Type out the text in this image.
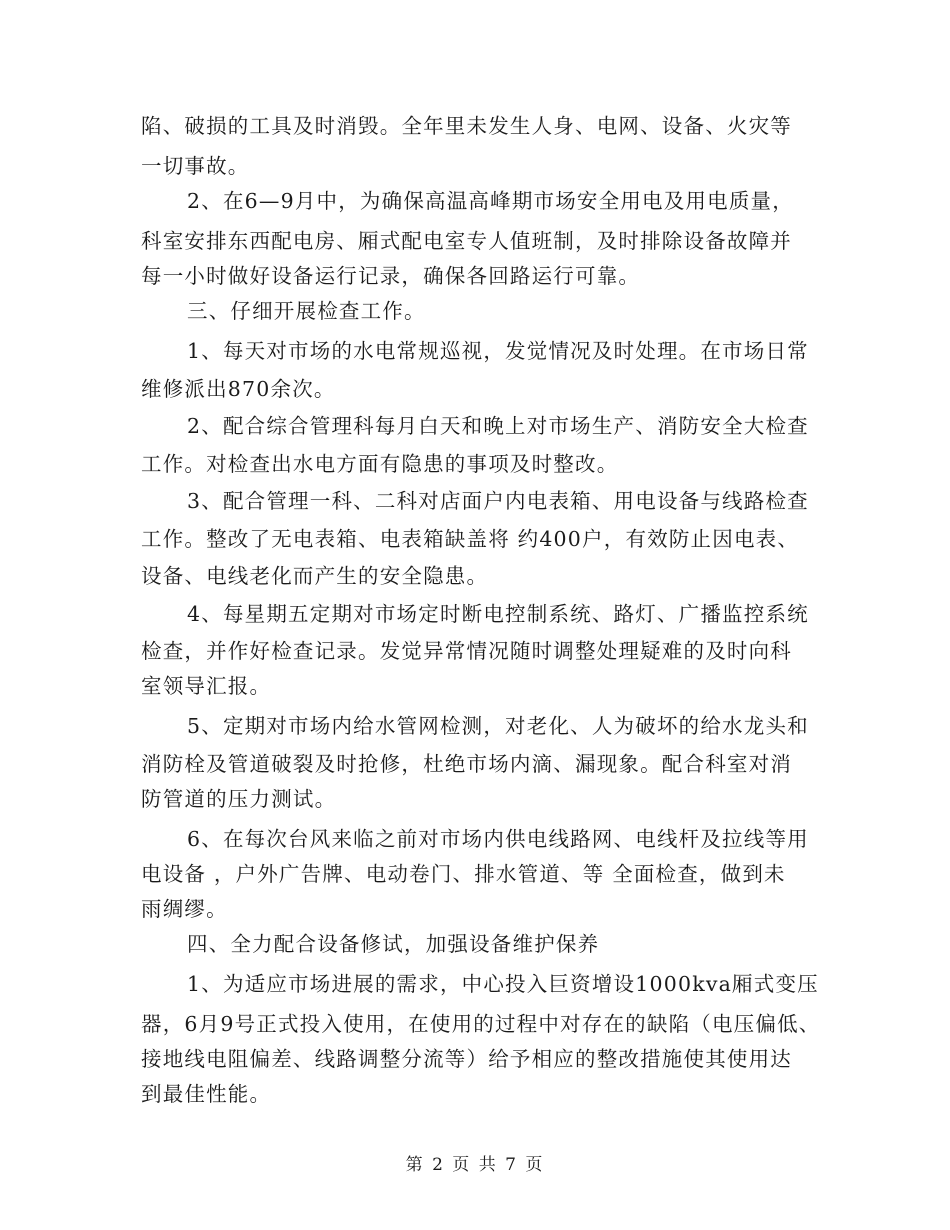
陷、破损的工具及时消毁。全年里未发生人身、电网、设备、火灾等
一切事故。
2、在6—9月中，为确保高温高峰期市场安全用电及用电质量，
科室安排东西配电房、厢式配电室专人值班制，及时排除设备故障并
每一小时做好设备运行记录，确保各回路运行可靠。
三、仔细开展检查工作。
1、每天对市场的水电常规巡视，发觉情况及时处理。在市场日常
维修派出870余次。
2、配合综合管理科每月白天和晚上对市场生产、消防安全大检查
工作。对检查出水电方面有隐患的事项及时整改。
3、配合管理一科、二科对店面户内电表箱、用电设备与线路检查
工作。整改了无电表箱、电表箱缺盖将 约400户，有效防止因电表、
设备、电线老化而产生的安全隐患。
4、每星期五定期对市场定时断电控制系统、路灯、广播监控系统
检查，并作好检查记录。发觉异常情况随时调整处理疑难的及时向科
室领导汇报。
5、定期对市场内给水管网检测，对老化、人为破坏的给水龙头和
消防栓及管道破裂及时抢修，杜绝市场内滴、漏现象。配合科室对消
防管道的压力测试。
6、在每次台风来临之前对市场内供电线路网、电线杆及拉线等用
电设备 ，户外广告牌、电动卷门、排水管道、等 全面检查，做到未
雨绸缪。
四、全力配合设备修试，加强设备维护保养
1、为适应市场进展的需求，中心投入巨资增设1000kva厢式变压
器，6月9号正式投入使用，在使用的过程中对存在的缺陷（电压偏低、
接地线电阻偏差、线路调整分流等）给予相应的整改措施使其使用达
到最佳性能。
第 2 页 共 7 页
